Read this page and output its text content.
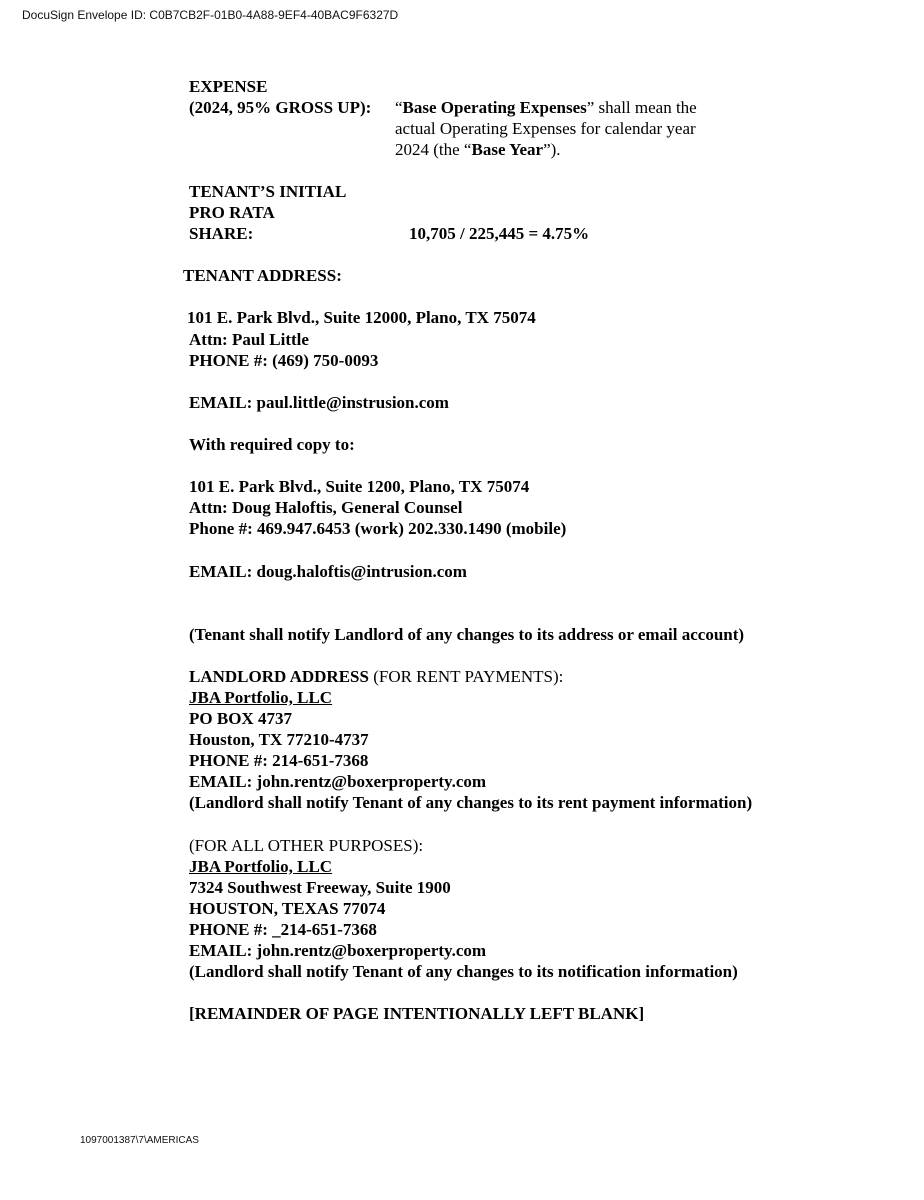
DocuSign Envelope ID: C0B7CB2F-01B0-4A88-9EF4-40BAC9F6327D
EXPENSE
(2024, 95% GROSS UP): “Base Operating Expenses” shall mean the
actual Operating Expenses for calendar year
2024 (the “Base Year”).
TENANT’S INITIAL
PRO RATA
SHARE:	10,705 / 225,445 = 4.75%
TENANT ADDRESS:
101 E. Park Blvd., Suite 12000, Plano, TX 75074
Attn: Paul Little
PHONE #: (469) 750-0093
EMAIL: paul.little@instrusion.com
With required copy to:
101 E. Park Blvd., Suite 1200, Plano, TX 75074
Attn: Doug Haloftis, General Counsel
Phone #: 469.947.6453 (work) 202.330.1490 (mobile)
EMAIL: doug.haloftis@intrusion.com
(Tenant shall notify Landlord of any changes to its address or email account)
LANDLORD ADDRESS (FOR RENT PAYMENTS):
JBA Portfolio, LLC
PO BOX 4737
Houston, TX 77210-4737
PHONE #: 214-651-7368
EMAIL: john.rentz@boxerproperty.com
(Landlord shall notify Tenant of any changes to its rent payment information)
(FOR ALL OTHER PURPOSES):
JBA Portfolio, LLC
7324 Southwest Freeway, Suite 1900
HOUSTON, TEXAS 77074
PHONE #: _214-651-7368
EMAIL: john.rentz@boxerproperty.com
(Landlord shall notify Tenant of any changes to its notification information)
[REMAINDER OF PAGE INTENTIONALLY LEFT BLANK]
1097001387\7\AMERICAS
